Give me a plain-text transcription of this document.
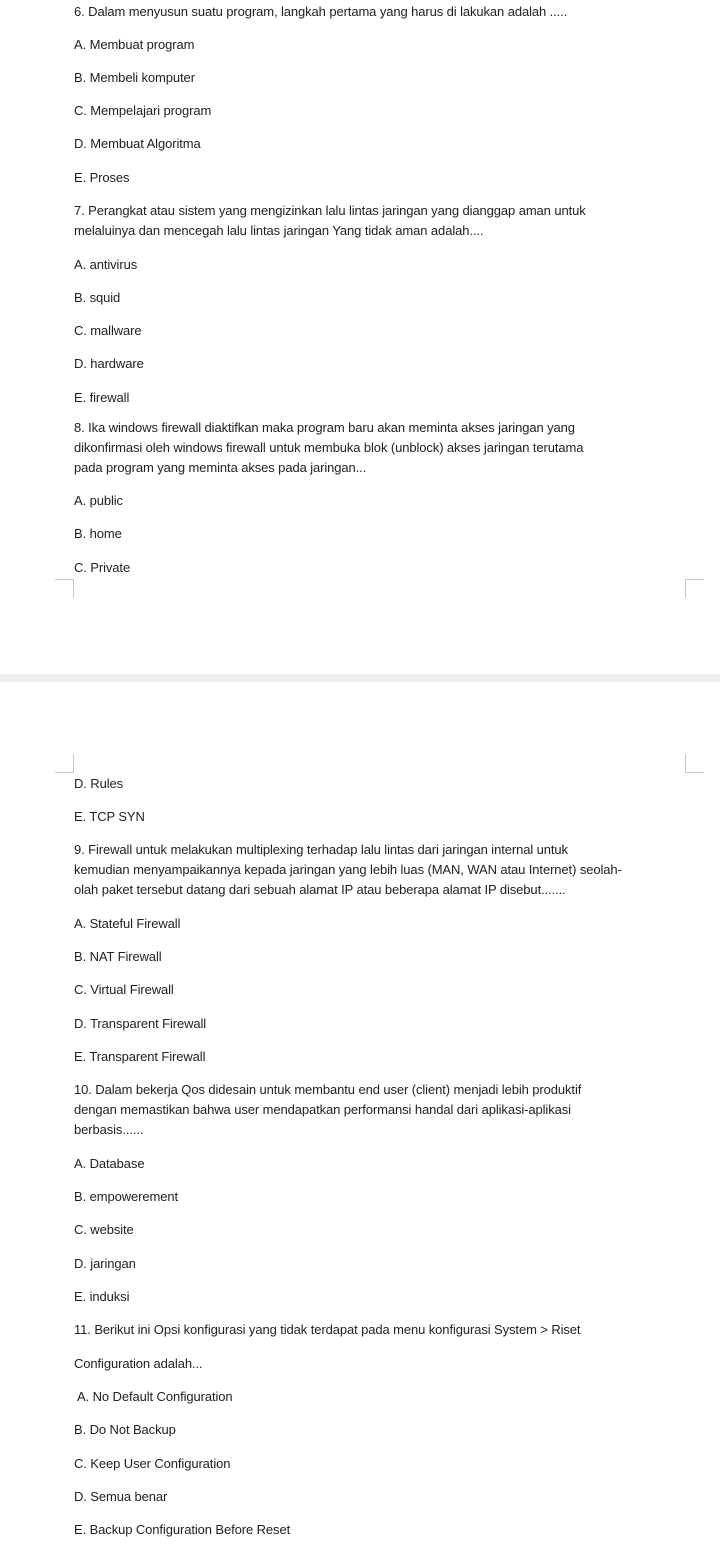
6. Dalam menyusun suatu program, langkah pertama yang harus di lakukan adalah .....
A. Membuat program
B. Membeli komputer
C. Mempelajari program
D. Membuat Algoritma
E. Proses
7. Perangkat atau sistem yang mengizinkan lalu lintas jaringan yang dianggap aman untuk
melaluinya dan mencegah lalu lintas jaringan Yang tidak aman adalah....
A. antivirus
B. squid
C. mallware
D. hardware
E. firewall
8. Ika windows firewall diaktifkan maka program baru akan meminta akses jaringan yang
dikonfirmasi oleh windows firewall untuk membuka blok (unblock) akses jaringan terutama
pada program yang meminta akses pada jaringan...
A. public
B. home
C. Private
D. Rules
E. TCP SYN
9. Firewall untuk melakukan multiplexing terhadap lalu lintas dari jaringan internal untuk
kemudian menyampaikannya kepada jaringan yang lebih luas (MAN, WAN atau Internet) seolah-
olah paket tersebut datang dari sebuah alamat IP atau beberapa alamat IP disebut.......
A. Stateful Firewall
B. NAT Firewall
C. Virtual Firewall
D. Transparent Firewall
E. Transparent Firewall
10. Dalam bekerja Qos didesain untuk membantu end user (client) menjadi lebih produktif
dengan memastikan bahwa user mendapatkan performansi handal dari aplikasi-aplikasi
berbasis......
A. Database
B. empowerement
C. website
D. jaringan
E. induksi
11. Berikut ini Opsi konfigurasi yang tidak terdapat pada menu konfigurasi System > Riset
Configuration adalah...
A. No Default Configuration
B. Do Not Backup
C. Keep User Configuration
D. Semua benar
E. Backup Configuration Before Reset
